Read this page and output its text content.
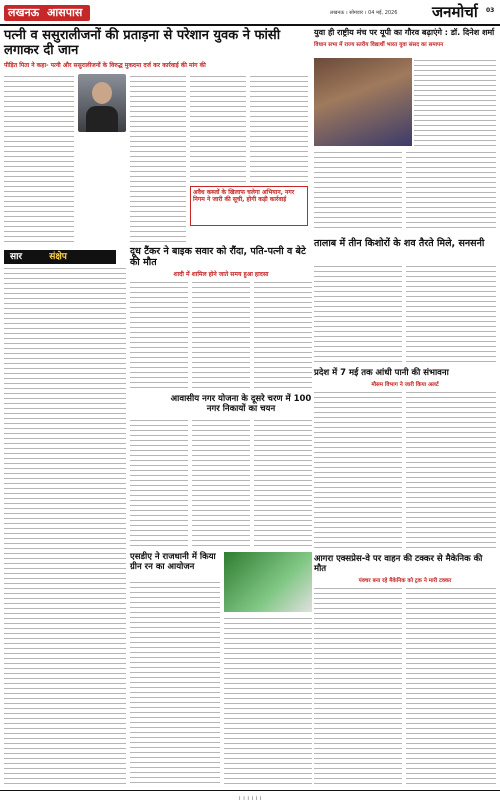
लखनऊ आसपास	लखनऊ । सोमवार । 04 मई, 2026	जनमोर्चा	03
पत्नी व ससुरालीजनों की प्रताड़ना से परेशान युवक ने फांसी लगाकर दी जान
पीड़ित पिता ने कहा- पत्नी और ससुरालीजनों के विरुद्ध मुकदमा दर्ज कर कार्रवाई की मांग की
अवैध कब्जों के खिलाफ चलेगा अभियान, नगर निगम ने जारी की सूची, होगी कड़ी कार्रवाई
युवा ही राष्ट्रीय मंच पर यूपी का गौरव बढ़ाएंगे : डॉ. दिनेश शर्मा
विधान सभा में राज्य स्तरीय विद्यार्थी भारत युवा संसद का समापन
सार	संक्षेप	दूध टैंकर ने बाइक सवार को रौंदा, पति-पत्नी व बेटे की मौत
शादी में शामिल होने जाते समय हुआ हादसा
आवासीय नगर योजना के दूसरे चरण में 100 नगर निकायों का चयन
एसडीए ने राजधानी में किया ग्रीन रन का आयोजन
तालाब में तीन किशोरों के शव तैरते मिले, सनसनी
प्रदेश में 7 मई तक आंधी पानी की संभावना
मौसम विभाग ने जारी किया अलर्ट
आगरा एक्सप्रेस-वे पर वाहन की टक्कर से मैकेनिक की मौत
पंक्चर बना रहे मैकेनिक को ट्रक ने मारी टक्कर
। । । । । ।
